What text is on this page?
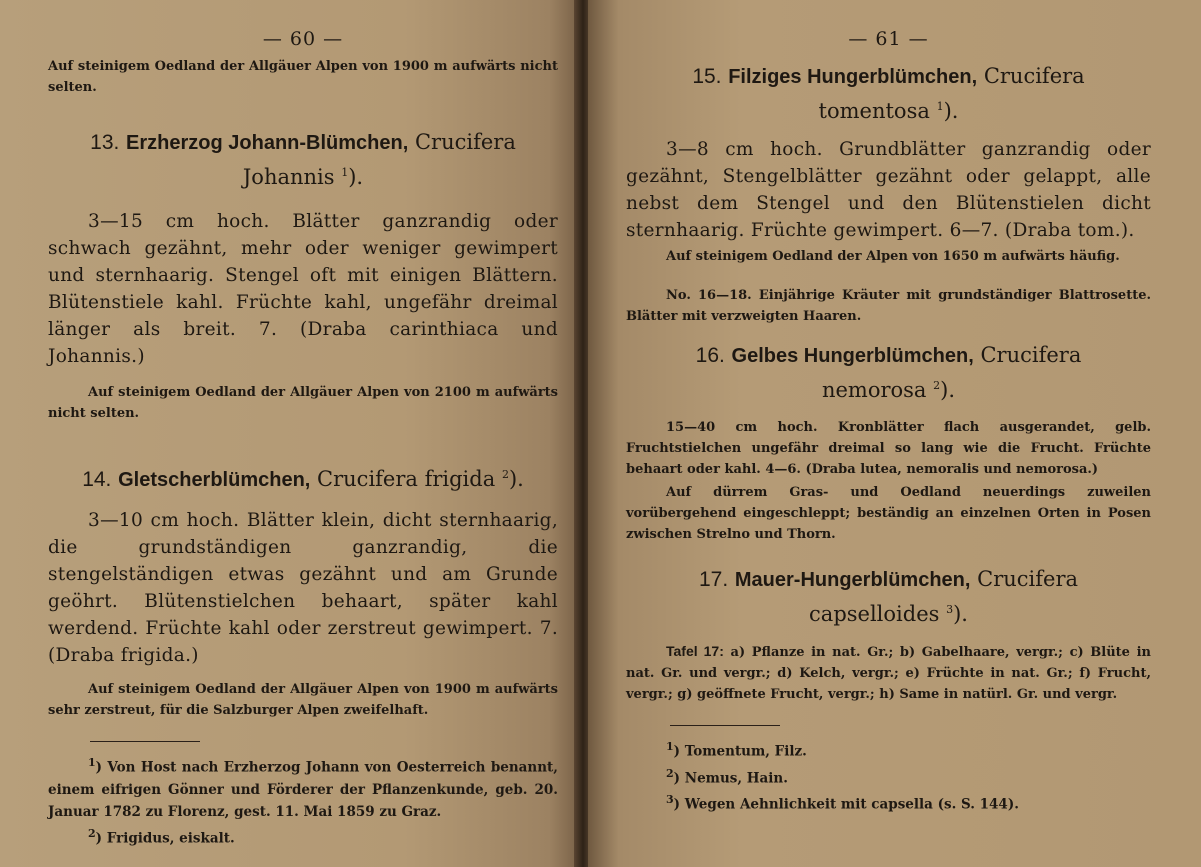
— 60 —
Auf steinigem Oedland der Allgäuer Alpen von 1900 m aufwärts nicht selten.
13. Erzherzog Johann-Blümchen, Crucifera
Johannis $^1$).
3—15 cm hoch. Blätter ganzrandig oder schwach gezähnt, mehr oder weniger gewimpert und sternhaarig. Stengel oft mit einigen Blättern. Blütenstiele kahl. Früchte kahl, ungefähr dreimal länger als breit. 7. (Draba carinthiaca und Johannis.)
Auf steinigem Oedland der Allgäuer Alpen von 2100 m aufwärts nicht selten.
14. Gletscherblümchen, Crucifera frigida $^2$).
3—10 cm hoch. Blätter klein, dicht sternhaarig, die grundständigen ganzrandig, die stengelständigen etwas gezähnt und am Grunde geöhrt. Blütenstielchen behaart, später kahl werdend. Früchte kahl oder zerstreut gewimpert. 7. (Draba frigida.)
Auf steinigem Oedland der Allgäuer Alpen von 1900 m aufwärts sehr zerstreut, für die Salzburger Alpen zweifelhaft.
$^1$) Von Host nach Erzherzog Johann von Oesterreich benannt, einem eifrigen Gönner und Förderer der Pflanzenkunde, geb. 20. Januar 1782 zu Florenz, gest. 11. Mai 1859 zu Graz.
$^2$) Frigidus, eiskalt.
— 61 —
15. Filziges Hungerblümchen, Crucifera
tomentosa $^1$).
3—8 cm hoch. Grundblätter ganzrandig oder gezähnt, Stengelblätter gezähnt oder gelappt, alle nebst dem Stengel und den Blütenstielen dicht sternhaarig. Früchte gewimpert. 6—7. (Draba tom.).
Auf steinigem Oedland der Alpen von 1650 m aufwärts häufig.
No. 16—18. Einjährige Kräuter mit grundständiger Blattrosette. Blätter mit verzweigten Haaren.
16. Gelbes Hungerblümchen, Crucifera
nemorosa $^2$).
15—40 cm hoch. Kronblätter flach ausgerandet, gelb. Fruchtstielchen ungefähr dreimal so lang wie die Frucht. Früchte behaart oder kahl. 4—6. (Draba lutea, nemoralis und nemorosa.)
Auf dürrem Gras- und Oedland neuerdings zuweilen vorübergehend eingeschleppt; beständig an einzelnen Orten in Posen zwischen Strelno und Thorn.
17. Mauer-Hungerblümchen, Crucifera
capselloides $^3$).
Tafel 17: a) Pflanze in nat. Gr.; b) Gabelhaare, vergr.; c) Blüte in nat. Gr. und vergr.; d) Kelch, vergr.; e) Früchte in nat. Gr.; f) Frucht, vergr.; g) geöffnete Frucht, vergr.; h) Same in natürl. Gr. und vergr.
$^1$) Tomentum, Filz.
$^2$) Nemus, Hain.
$^3$) Wegen Aehnlichkeit mit capsella (s. S. 144).
